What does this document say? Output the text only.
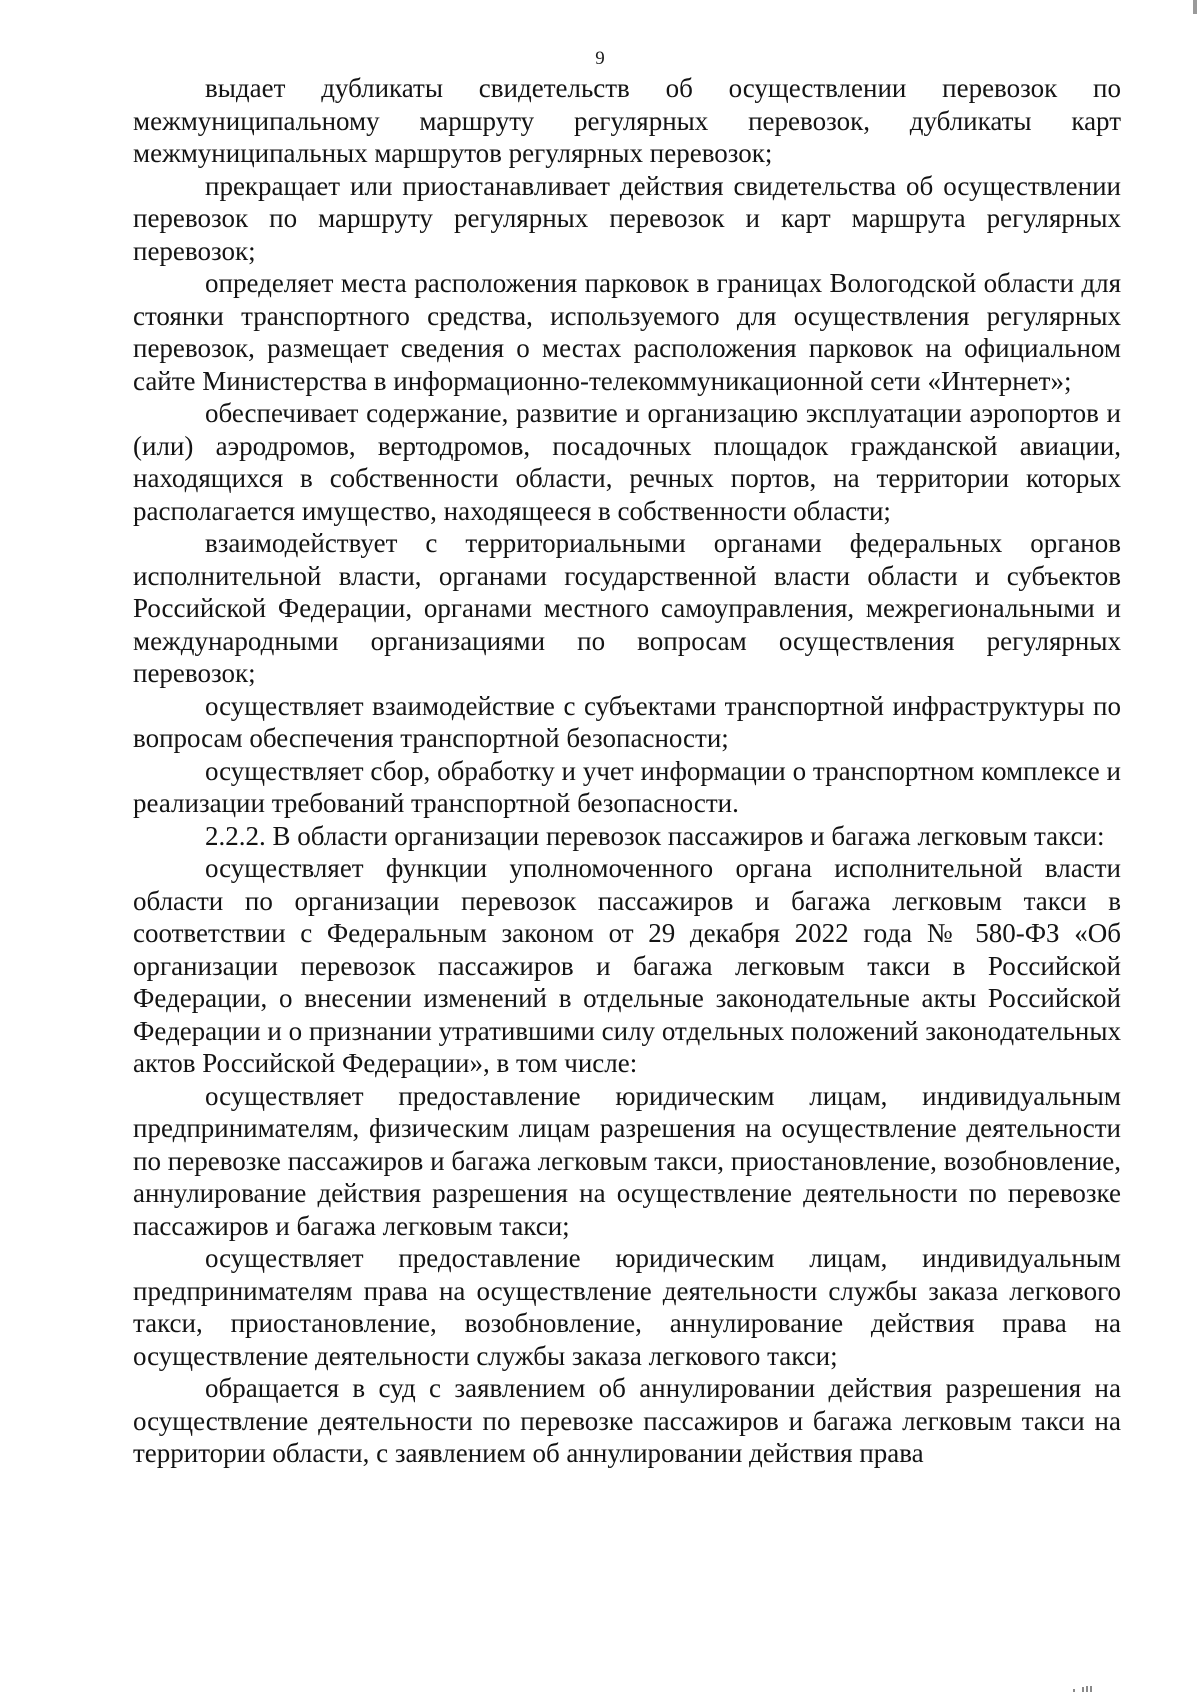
9

выдает дубликаты свидетельств об осуществлении перевозок по межмуниципальному маршруту регулярных перевозок, дубликаты карт межмуниципальных маршрутов регулярных перевозок;

прекращает или приостанавливает действия свидетельства об осуществлении перевозок по маршруту регулярных перевозок и карт маршрута регулярных перевозок;

определяет места расположения парковок в границах Вологодской области для стоянки транспортного средства, используемого для осуществления регулярных перевозок, размещает сведения о местах расположения парковок на официальном сайте Министерства в информационно-телекоммуникационной сети «Интернет»;

обеспечивает содержание, развитие и организацию эксплуатации аэропортов и (или) аэродромов, вертодромов, посадочных площадок гражданской авиации, находящихся в собственности области, речных портов, на территории которых располагается имущество, находящееся в собственности области;

взаимодействует с территориальными органами федеральных органов исполнительной власти, органами государственной власти области и субъектов Российской Федерации, органами местного самоуправления, межрегиональными и международными организациями по вопросам осуществления регулярных перевозок;

осуществляет взаимодействие с субъектами транспортной инфраструктуры по вопросам обеспечения транспортной безопасности;

осуществляет сбор, обработку и учет информации о транспортном комплексе и реализации требований транспортной безопасности.

2.2.2. В области организации перевозок пассажиров и багажа легковым такси:

осуществляет функции уполномоченного органа исполнительной власти области по организации перевозок пассажиров и багажа легковым такси в соответствии с Федеральным законом от 29 декабря 2022 года № 580-ФЗ «Об организации перевозок пассажиров и багажа легковым такси в Российской Федерации, о внесении изменений в отдельные законодательные акты Российской Федерации и о признании утратившими силу отдельных положений законодательных актов Российской Федерации», в том числе:

осуществляет предоставление юридическим лицам, индивидуальным предпринимателям, физическим лицам разрешения на осуществление деятельности по перевозке пассажиров и багажа легковым такси, приостановление, возобновление, аннулирование действия разрешения на осуществление деятельности по перевозке пассажиров и багажа легковым такси;

осуществляет предоставление юридическим лицам, индивидуальным предпринимателям права на осуществление деятельности службы заказа легкового такси, приостановление, возобновление, аннулирование действия права на осуществление деятельности службы заказа легкового такси;

обращается в суд с заявлением об аннулировании действия разрешения на осуществление деятельности по перевозке пассажиров и багажа легковым такси на территории области, с заявлением об аннулировании действия права
